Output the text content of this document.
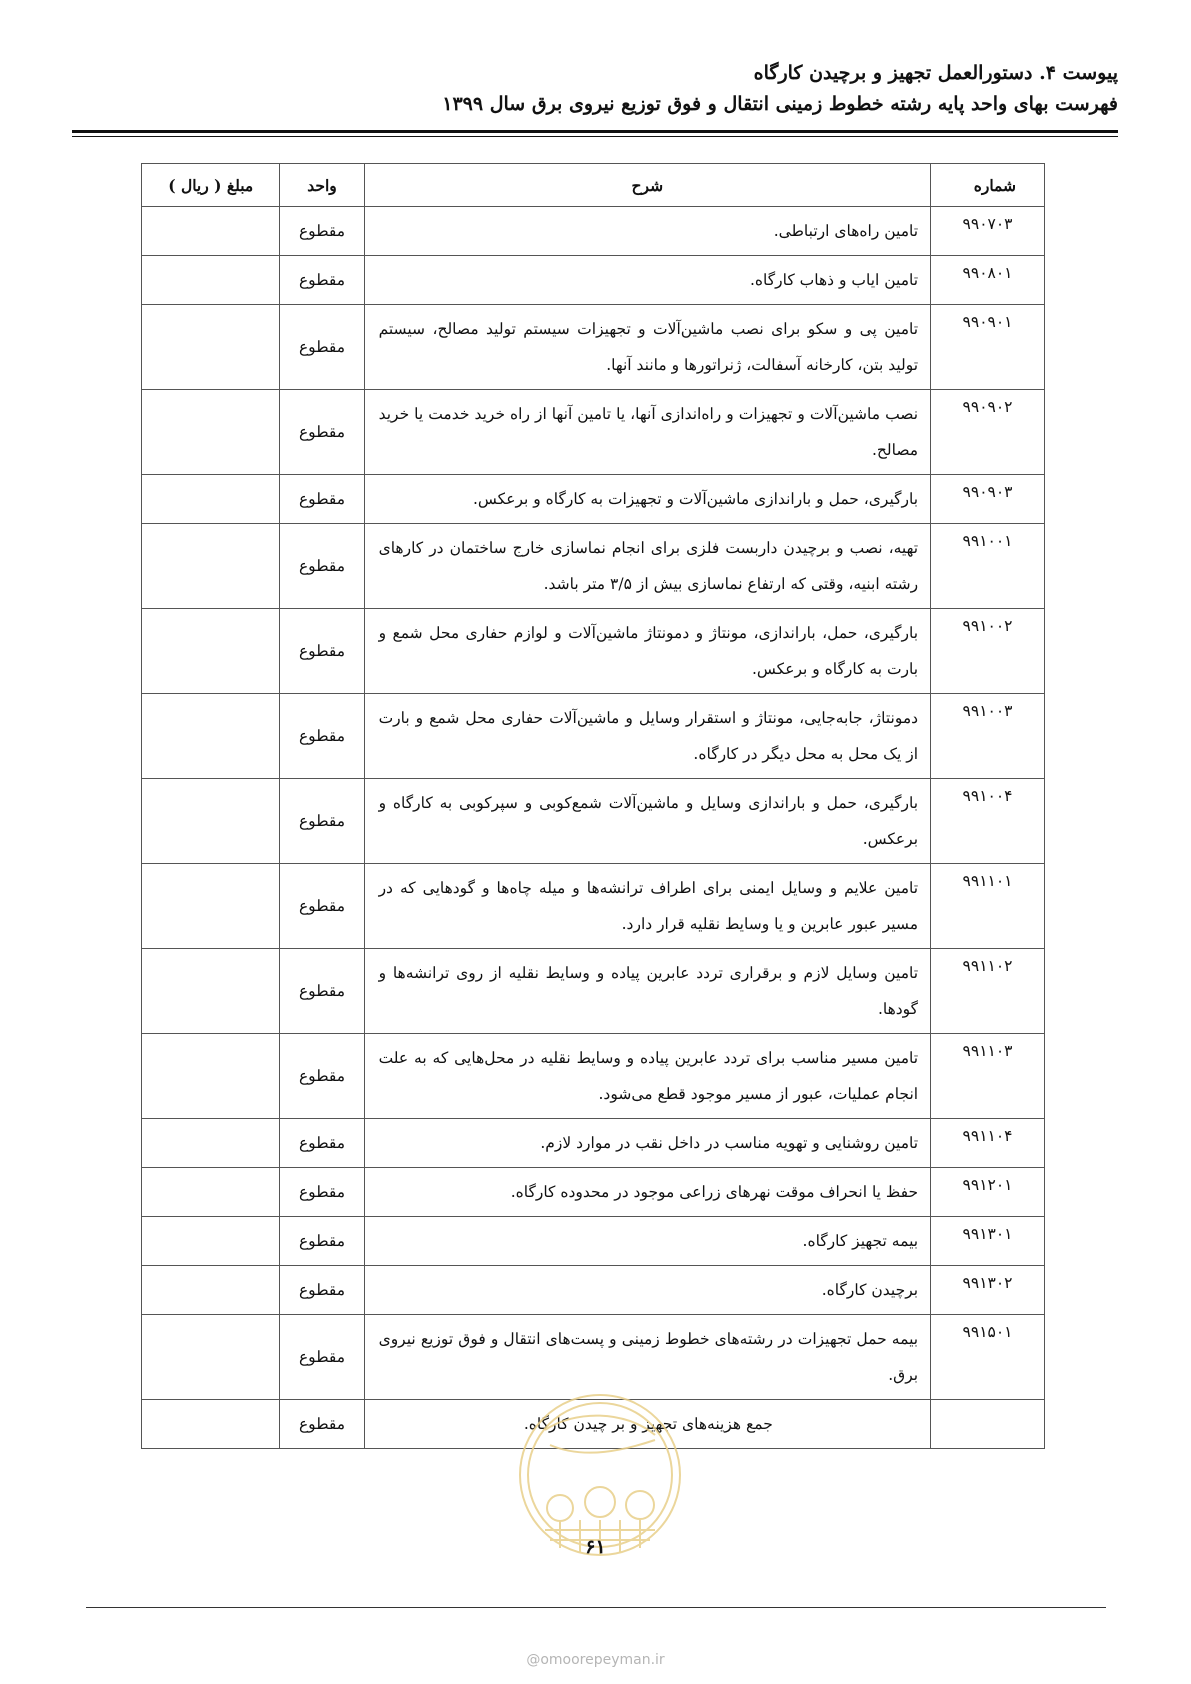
پیوست ۴. دستورالعمل تجهیز و برچیدن کارگاه
فهرست بهای واحد پایه رشته خطوط زمینی انتقال و فوق توزیع نیروی برق سال ۱۳۹۹
شماره	شرح	واحد	مبلغ ( ریال )
۹۹۰۷۰۳	تامین راه‌های ارتباطی.	مقطوع	
۹۹۰۸۰۱	تامین ایاب و ذهاب کارگاه.	مقطوع	
۹۹۰۹۰۱	تامین پی و سکو برای نصب ماشین‌آلات و تجهیزات سیستم تولید مصالح، سیستم تولید بتن، کارخانه آسفالت، ژنراتورها و مانند آنها.	مقطوع	
۹۹۰۹۰۲	نصب ماشین‌آلات و تجهیزات و راه‌اندازی آنها، یا تامین آنها از راه خرید خدمت یا خرید مصالح.	مقطوع	
۹۹۰۹۰۳	بارگیری، حمل و باراندازی ماشین‌آلات و تجهیزات به کارگاه و برعکس.	مقطوع	
۹۹۱۰۰۱	تهیه، نصب و برچیدن داربست فلزی برای انجام نماسازی خارج ساختمان در کارهای رشته ابنیه، وقتی که ارتفاع نماسازی بیش از ۳/۵ متر باشد.	مقطوع	
۹۹۱۰۰۲	بارگیری، حمل، باراندازی، مونتاژ و دمونتاژ ماشین‌آلات و لوازم حفاری محل شمع و بارت به کارگاه و برعکس.	مقطوع	
۹۹۱۰۰۳	دمونتاژ، جابه‌جایی، مونتاژ و استقرار وسایل و ماشین‌آلات حفاری محل شمع و بارت از یک محل به محل دیگر در کارگاه.	مقطوع	
۹۹۱۰۰۴	بارگیری، حمل و باراندازی وسایل و ماشین‌آلات شمع‌کوبی و سپرکوبی به کارگاه و برعکس.	مقطوع	
۹۹۱۱۰۱	تامین علایم و وسایل ایمنی برای اطراف ترانشه‌ها و میله چاه‌ها و گودهایی که در مسیر عبور عابرین و یا وسایط نقلیه قرار دارد.	مقطوع	
۹۹۱۱۰۲	تامین وسایل لازم و برقراری تردد عابرین پیاده و وسایط نقلیه از روی ترانشه‌ها و گودها.	مقطوع	
۹۹۱۱۰۳	تامین مسیر مناسب برای تردد عابرین پیاده و وسایط نقلیه در محل‌هایی که به علت انجام عملیات، عبور از مسیر موجود قطع می‌شود.	مقطوع	
۹۹۱۱۰۴	تامین روشنایی و تهویه مناسب در داخل نقب در موارد لازم.	مقطوع	
۹۹۱۲۰۱	حفظ یا انحراف موقت نهرهای زراعی موجود در محدوده کارگاه.	مقطوع	
۹۹۱۳۰۱	بیمه تجهیز کارگاه.	مقطوع	
۹۹۱۳۰۲	برچیدن کارگاه.	مقطوع	
۹۹۱۵۰۱	بیمه حمل تجهیزات در رشته‌های خطوط زمینی و پست‌های انتقال و فوق توزیع نیروی برق.	مقطوع	
	جمع هزینه‌های تجهیز و بر چیدن کارگاه.	مقطوع	
۶۱
@omoorepeyman.ir
